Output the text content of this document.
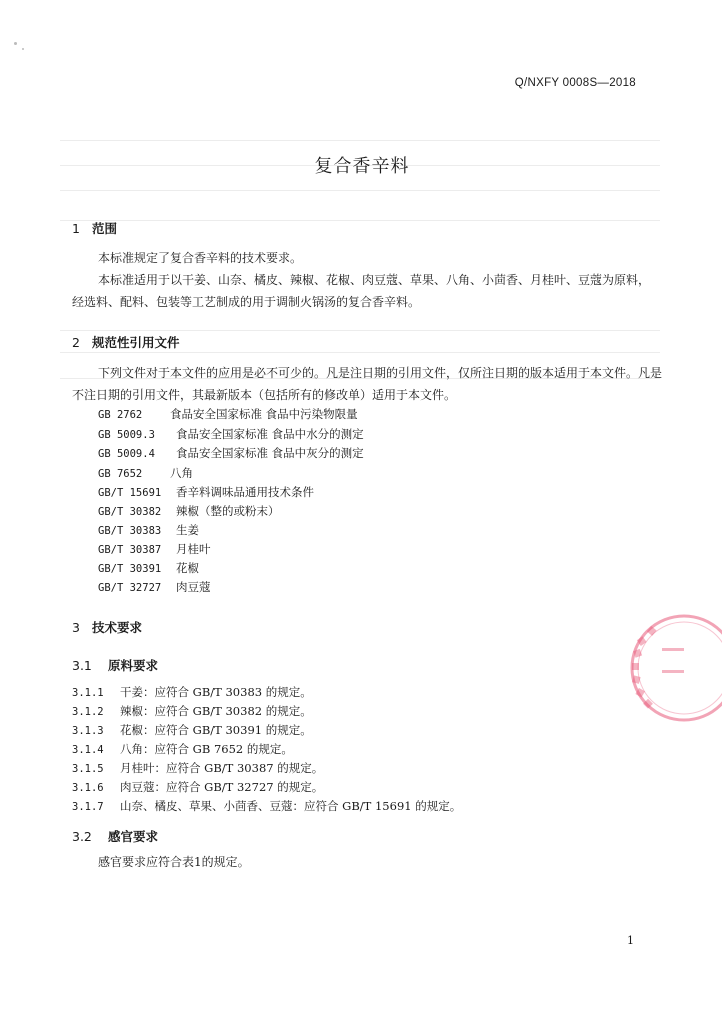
Q/NXFY 0008S—2018
复合香辛料
1 范围
本标准规定了复合香辛料的技术要求。
本标准适用于以干姜、山奈、橘皮、辣椒、花椒、肉豆蔻、草果、八角、小茴香、月桂叶、豆蔻为原料，经选料、配料、包装等工艺制成的用于调制火锅汤的复合香辛料。
2 规范性引用文件
下列文件对于本文件的应用是必不可少的。凡是注日期的引用文件，仅所注日期的版本适用于本文件。凡是不注日期的引用文件，其最新版本（包括所有的修改单）适用于本文件。
GB 2762 食品安全国家标准 食品中污染物限量
GB 5009.3 食品安全国家标准 食品中水分的测定
GB 5009.4 食品安全国家标准 食品中灰分的测定
GB 7652 八角
GB/T 15691 香辛料调味品通用技术条件
GB/T 30382 辣椒（整的或粉末）
GB/T 30383 生姜
GB/T 30387 月桂叶
GB/T 30391 花椒
GB/T 32727 肉豆蔻
3 技术要求
3.1 原料要求
3.1.1 干姜：应符合 GB/T 30383 的规定。
3.1.2 辣椒：应符合 GB/T 30382 的规定。
3.1.3 花椒：应符合 GB/T 30391 的规定。
3.1.4 八角：应符合 GB 7652 的规定。
3.1.5 月桂叶：应符合 GB/T 30387 的规定。
3.1.6 肉豆蔻：应符合 GB/T 32727 的规定。
3.1.7 山奈、橘皮、草果、小茴香、豆蔻：应符合 GB/T 15691 的规定。
3.2 感官要求
感官要求应符合表1的规定。
1
